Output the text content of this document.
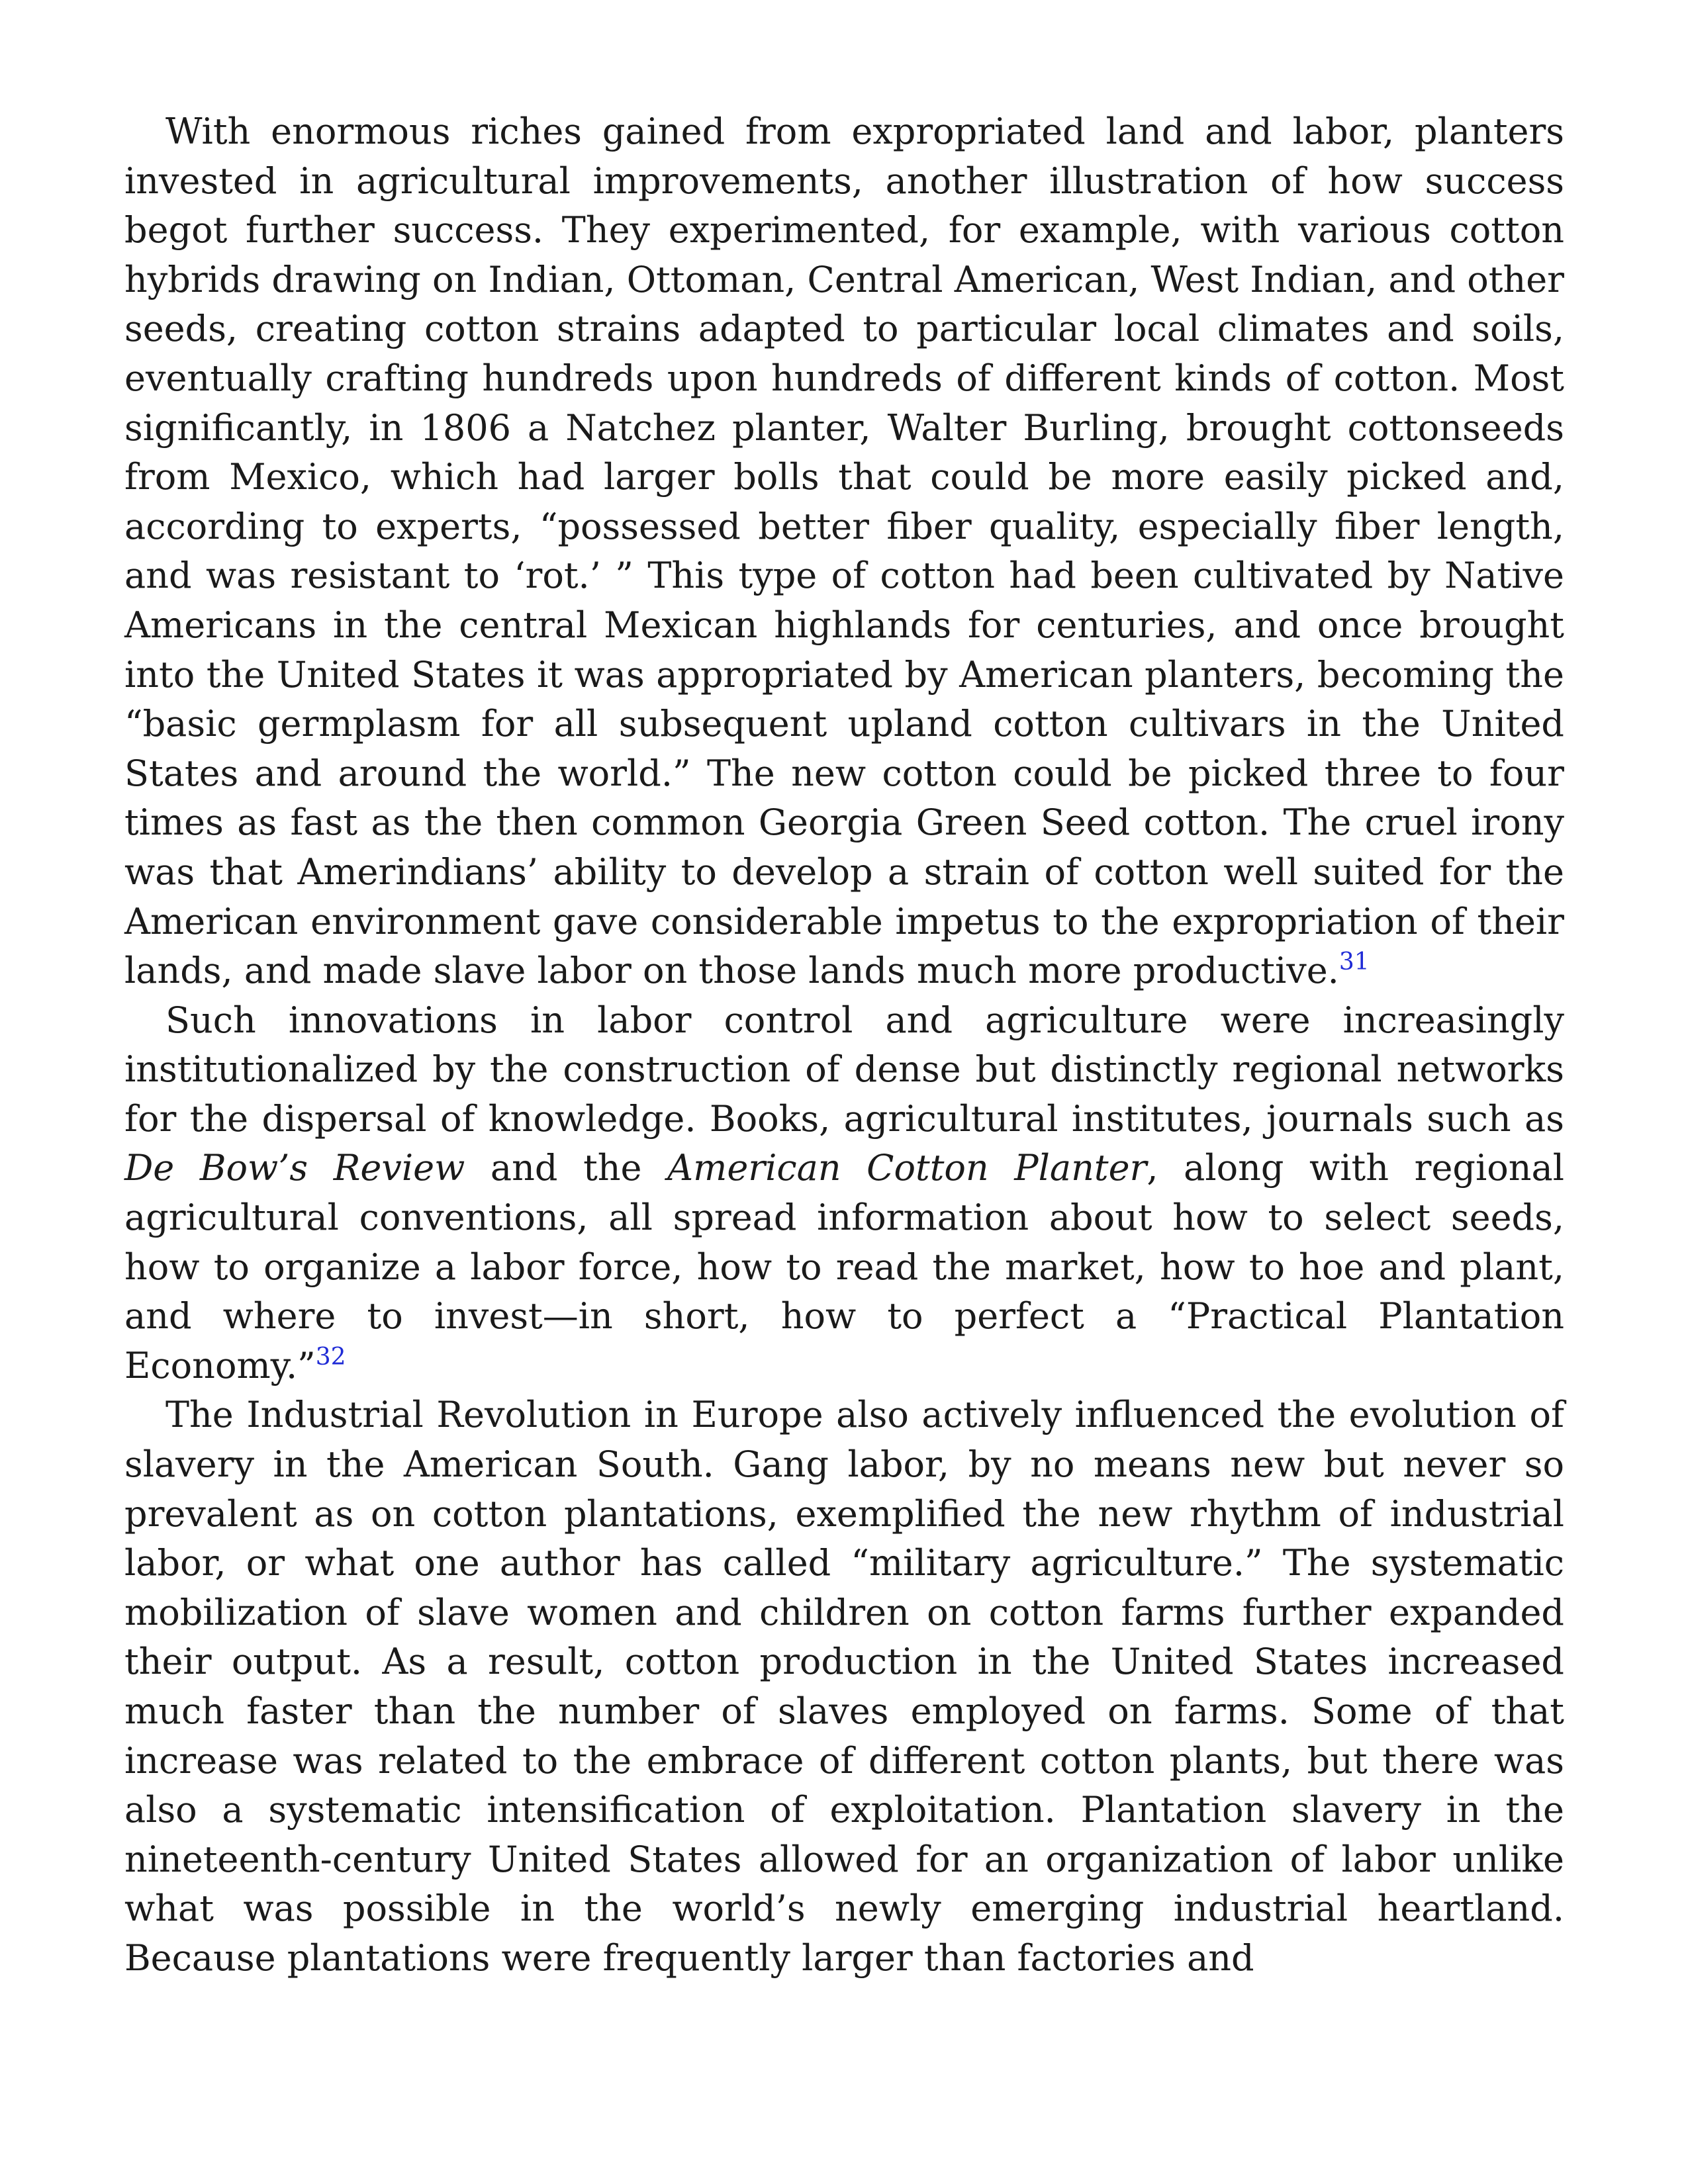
With enormous riches gained from expropriated land and labor, planters invested in agricultural improvements, another illustration of how success begot further success. They experimented, for example, with various cotton hybrids drawing on Indian, Ottoman, Central American, West Indian, and other seeds, creating cotton strains adapted to particular local climates and soils, eventually crafting hundreds upon hundreds of different kinds of cotton. Most significantly, in 1806 a Natchez planter, Walter Burling, brought cottonseeds from Mexico, which had larger bolls that could be more easily picked and, according to experts, “possessed better fiber quality, especially fiber length, and was resistant to ‘rot.’ ” This type of cotton had been cultivated by Native Americans in the central Mexican highlands for centuries, and once brought into the United States it was appropriated by American planters, becoming the “basic germplasm for all subsequent upland cotton cultivars in the United States and around the world.” The new cotton could be picked three to four times as fast as the then common Georgia Green Seed cotton. The cruel irony was that Amerindians’ ability to develop a strain of cotton well suited for the American environment gave considerable impetus to the expropriation of their lands, and made slave labor on those lands much more productive.$^{31}$

Such innovations in labor control and agriculture were increasingly institutionalized by the construction of dense but distinctly regional networks for the dispersal of knowledge. Books, agricultural institutes, journals such as De Bow’s Review and the American Cotton Planter, along with regional agricultural conventions, all spread information about how to select seeds, how to organize a labor force, how to read the market, how to hoe and plant, and where to invest—in short, how to perfect a “Practical Plantation Economy.”$^{32}$

The Industrial Revolution in Europe also actively influenced the evolution of slavery in the American South. Gang labor, by no means new but never so prevalent as on cotton plantations, exemplified the new rhythm of industrial labor, or what one author has called “military agriculture.” The systematic mobilization of slave women and children on cotton farms further expanded their output. As a result, cotton production in the United States increased much faster than the number of slaves employed on farms. Some of that increase was related to the embrace of different cotton plants, but there was also a systematic intensification of exploitation. Plantation slavery in the nineteenth-century United States allowed for an organization of labor unlike what was possible in the world’s newly emerging industrial heartland. Because plantations were frequently larger than factories and
